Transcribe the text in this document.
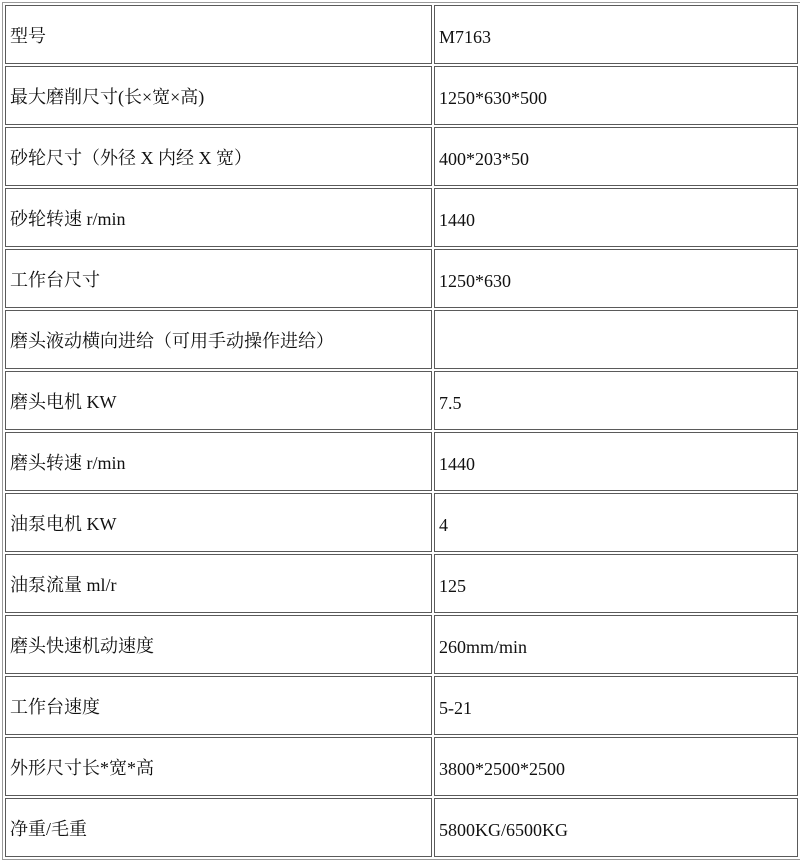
型号	M7163
最大磨削尺寸(长×宽×高)	1250*630*500
砂轮尺寸（外径 X 内经 X 宽）	400*203*50
砂轮转速 r/min	1440
工作台尺寸	1250*630
磨头液动横向进给（可用手动操作进给）	
磨头电机 KW	7.5
磨头转速 r/min	1440
油泵电机 KW	4
油泵流量 ml/r	125
磨头快速机动速度	260mm/min
工作台速度	5-21
外形尺寸长*宽*高	3800*2500*2500
净重/毛重	5800KG/6500KG
